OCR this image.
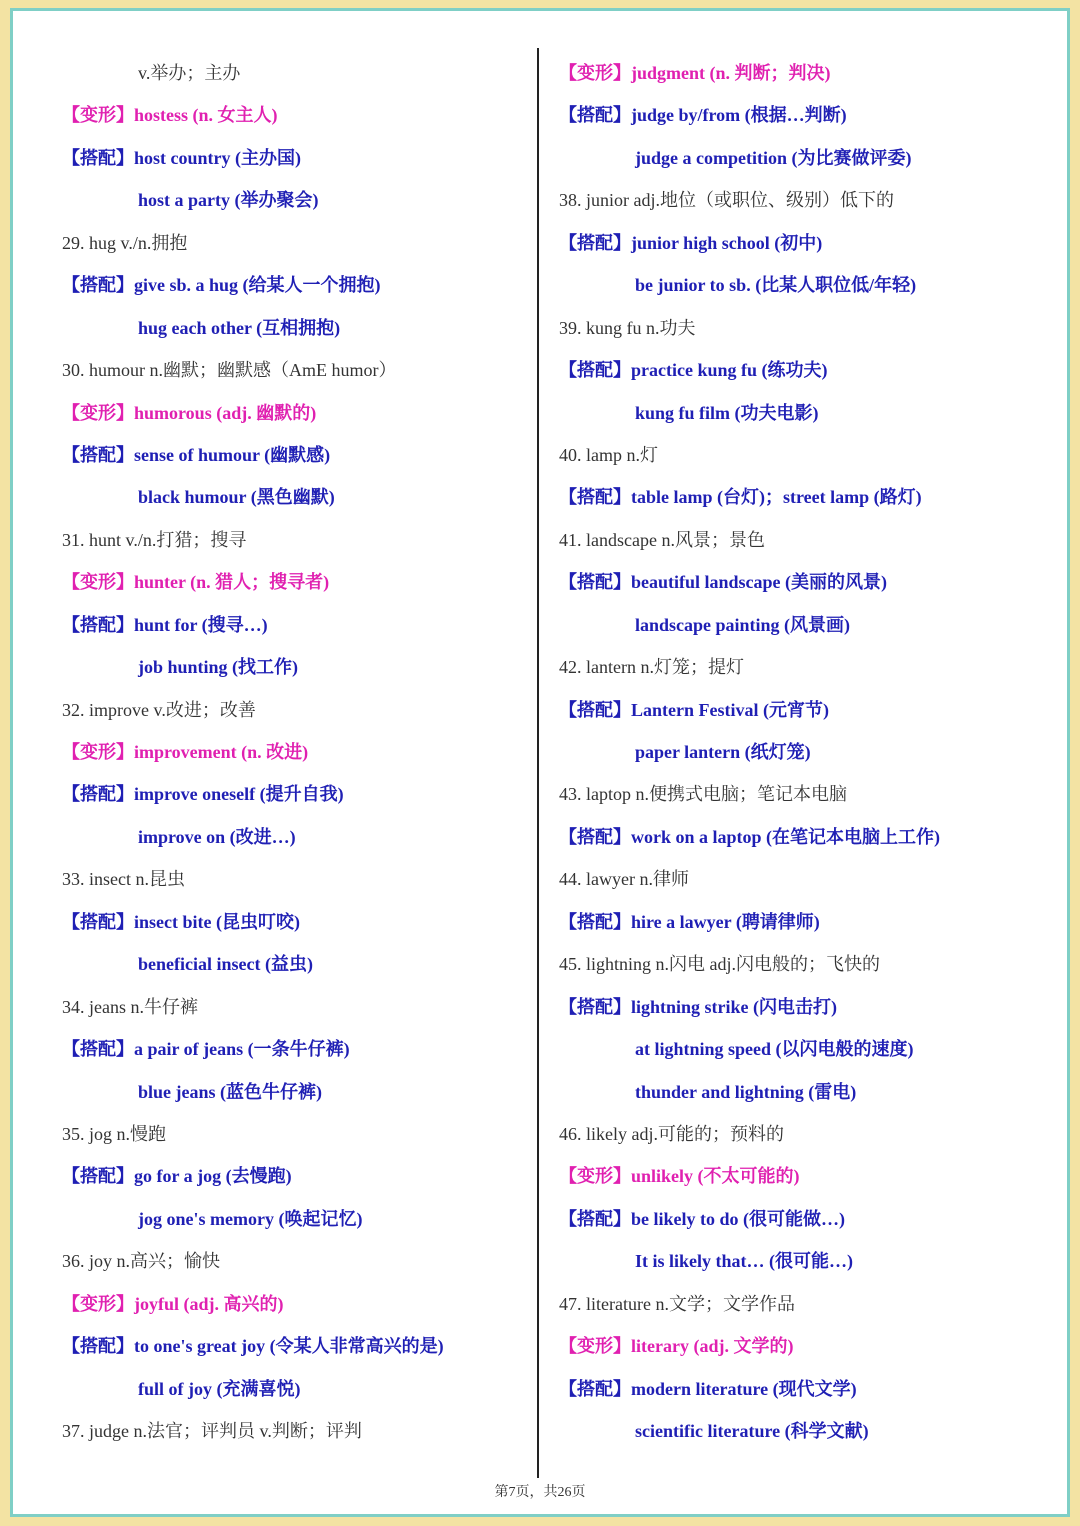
v.举办；主办
【变形】hostess (n. 女主人)
【搭配】host country (主办国)
host a party (举办聚会)
29. hug v./n.拥抱
【搭配】give sb. a hug (给某人一个拥抱)
hug each other (互相拥抱)
30. humour n.幽默；幽默感（AmE humor）
【变形】humorous (adj. 幽默的)
【搭配】sense of humour (幽默感)
black humour (黑色幽默)
31. hunt v./n.打猎；搜寻
【变形】hunter (n. 猎人；搜寻者)
【搭配】hunt for (搜寻…)
job hunting (找工作)
32. improve v.改进；改善
【变形】improvement (n. 改进)
【搭配】improve oneself (提升自我)
improve on (改进…)
33. insect n.昆虫
【搭配】insect bite (昆虫叮咬)
beneficial insect (益虫)
34. jeans n.牛仔裤
【搭配】a pair of jeans (一条牛仔裤)
blue jeans (蓝色牛仔裤)
35. jog n.慢跑
【搭配】go for a jog (去慢跑)
jog one's memory (唤起记忆)
36. joy n.高兴；愉快
【变形】joyful (adj. 高兴的)
【搭配】to one's great joy (令某人非常高兴的是)
full of joy (充满喜悦)
37. judge n.法官；评判员 v.判断；评判
【变形】judgment (n. 判断；判决)
【搭配】judge by/from (根据…判断)
judge a competition (为比赛做评委)
38. junior adj.地位（或职位、级别）低下的
【搭配】junior high school (初中)
be junior to sb. (比某人职位低/年轻)
39. kung fu n.功夫
【搭配】practice kung fu (练功夫)
kung fu film (功夫电影)
40. lamp n.灯
【搭配】table lamp (台灯)；street lamp (路灯)
41. landscape n.风景；景色
【搭配】beautiful landscape (美丽的风景)
landscape painting (风景画)
42. lantern n.灯笼；提灯
【搭配】Lantern Festival (元宵节)
paper lantern (纸灯笼)
43. laptop n.便携式电脑；笔记本电脑
【搭配】work on a laptop (在笔记本电脑上工作)
44. lawyer n.律师
【搭配】hire a lawyer (聘请律师)
45. lightning n.闪电 adj.闪电般的；飞快的
【搭配】lightning strike (闪电击打)
at lightning speed (以闪电般的速度)
thunder and lightning (雷电)
46. likely adj.可能的；预料的
【变形】unlikely (不太可能的)
【搭配】be likely to do (很可能做…)
It is likely that… (很可能…)
47. literature n.文学；文学作品
【变形】literary (adj. 文学的)
【搭配】modern literature (现代文学)
scientific literature (科学文献)
第7页，共26页
